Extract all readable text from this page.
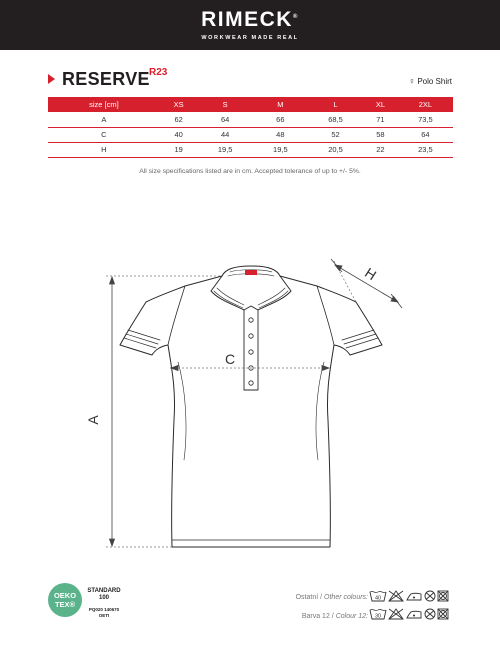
RIMECK®
WORKWEAR MADE REAL
RESERVE R23
♀ Polo Shirt
size [cm]	XS	S	M	L	XL	2XL
A	62	64	66	68,5	71	73,5
C	40	44	48	52	58	64
H	19	19,5	19,5	20,5	22	23,5
All size specifications listed are in cm. Accepted tolerance of up to +/- 5%.
A
C
H
OEKO
TEX®
STANDARD
100
PQ020 140670
OETI
Ostatní / Other colours:
Barva 12 / Colour 12:
40
30
